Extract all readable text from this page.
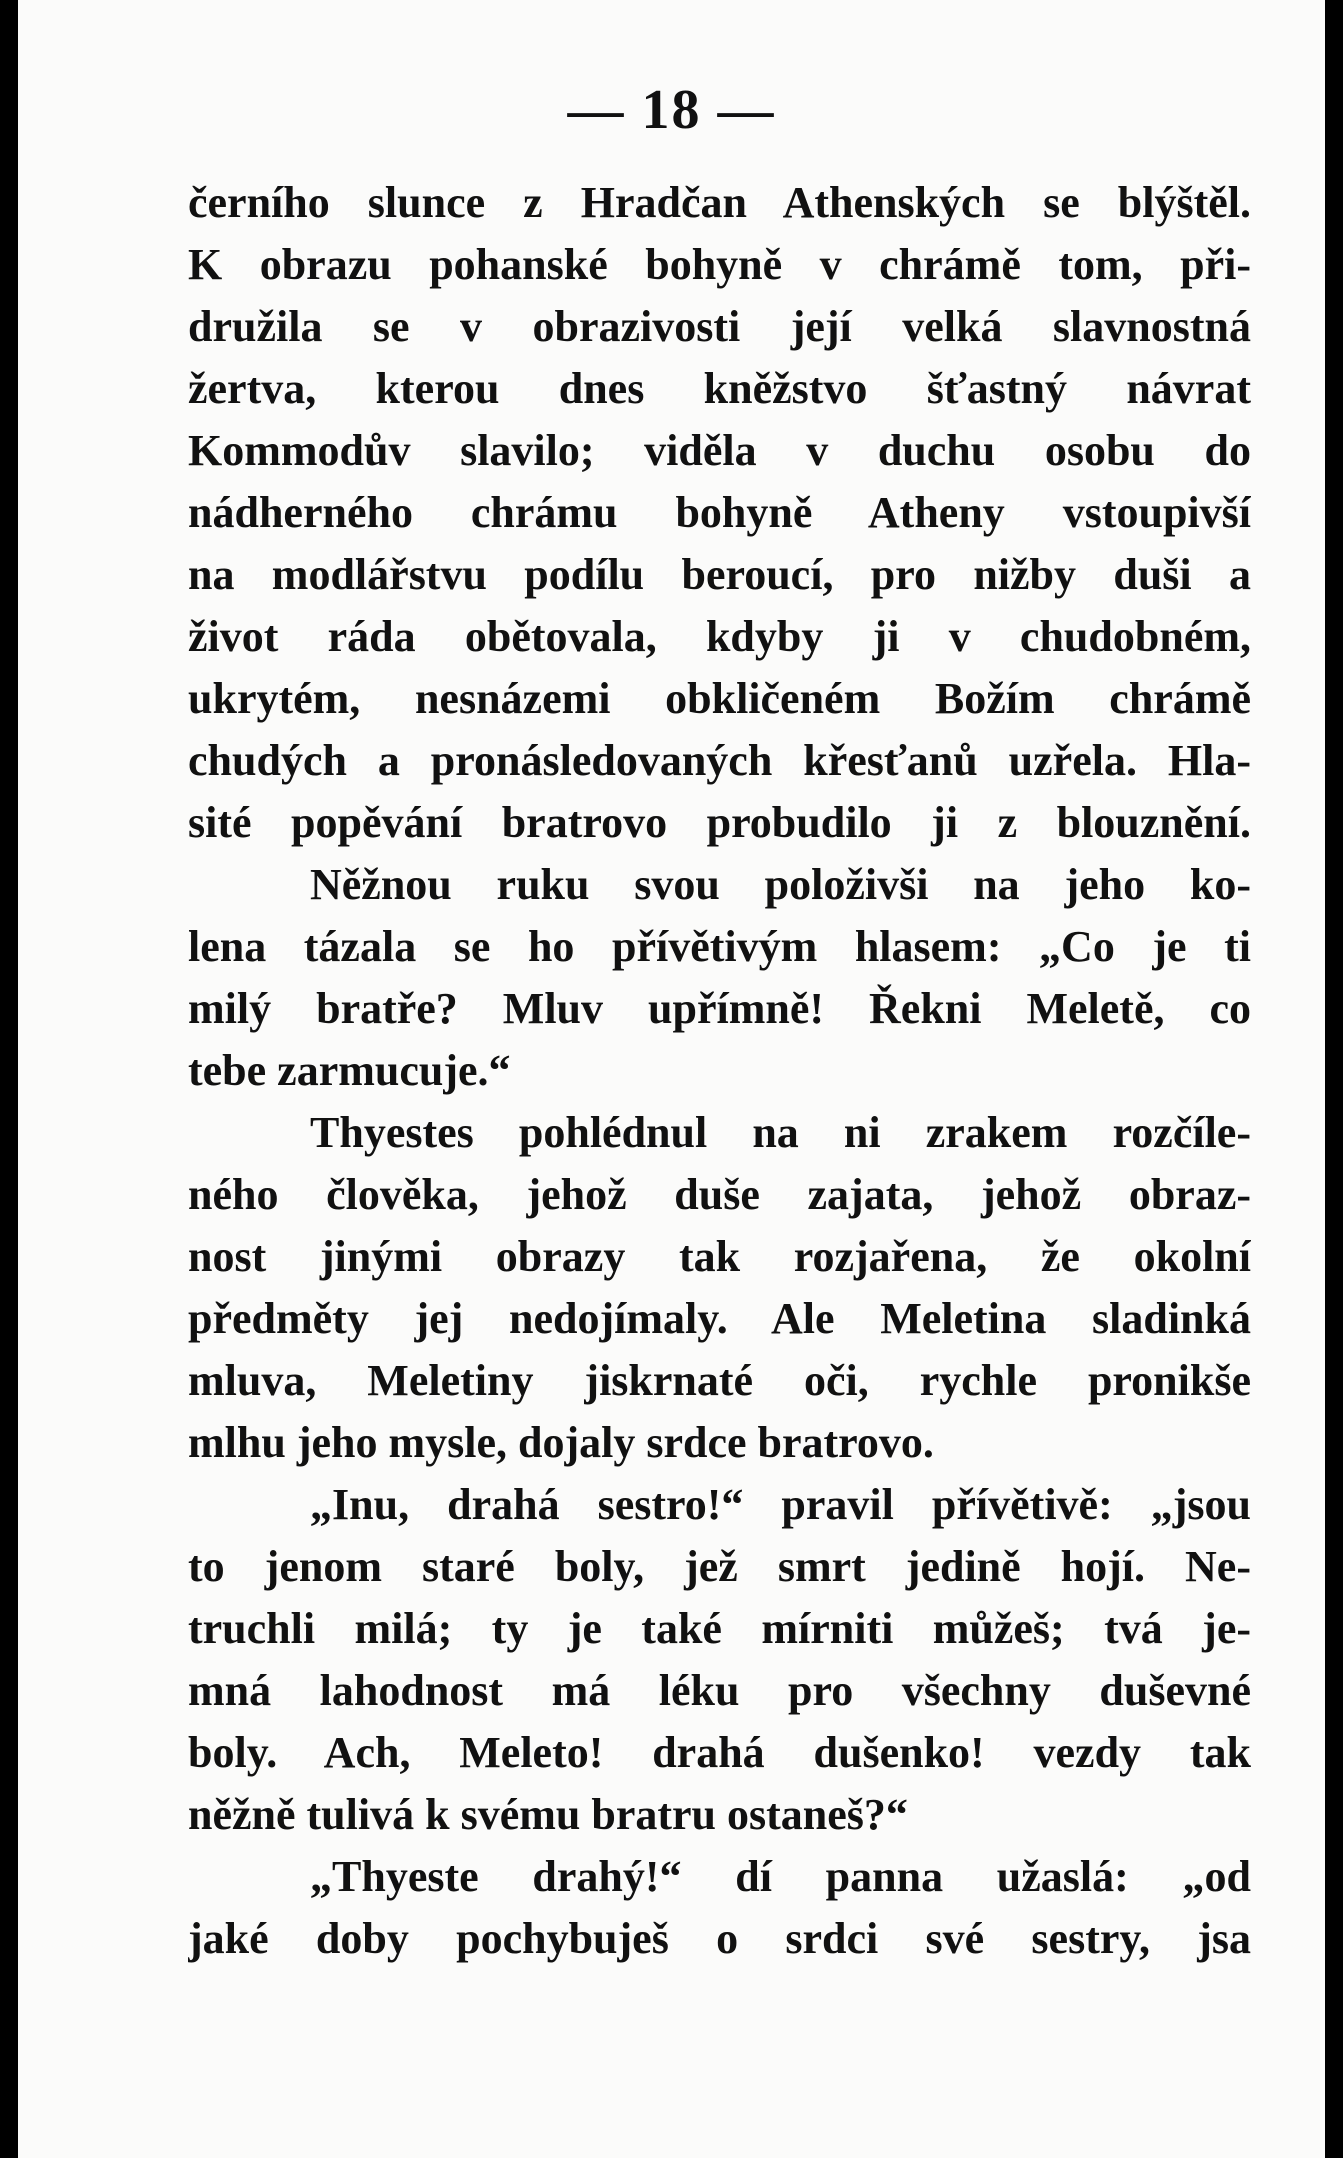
— 18 —
černího slunce z Hradčan Athenských se blýštěl.
K obrazu pohanské bohyně v chrámě tom, při-
družila se v obrazivosti její velká slavnostná
žertva, kterou dnes kněžstvo šťastný návrat
Kommodův slavilo; viděla v duchu osobu do
nádherného chrámu bohyně Atheny vstoupivší
na modlářstvu podílu beroucí, pro nižby duši a
život ráda obětovala, kdyby ji v chudobném,
ukrytém, nesnázemi obkličeném Božím chrámě
chudých a pronásledovaných křesťanů uzřela. Hla-
sité popěvání bratrovo probudilo ji z blouznění.
Něžnou ruku svou položivši na jeho ko-
lena tázala se ho přívětivým hlasem: „Co je ti
milý bratře? Mluv upřímně! Řekni Meletě, co
tebe zarmucuje.“
Thyestes pohlédnul na ni zrakem rozčíle-
ného člověka, jehož duše zajata, jehož obraz-
nost jinými obrazy tak rozjařena, že okolní
předměty jej nedojímaly. Ale Meletina sladinká
mluva, Meletiny jiskrnaté oči, rychle pronikše
mlhu jeho mysle, dojaly srdce bratrovo.
„Inu, drahá sestro!“ pravil přívětivě: „jsou
to jenom staré boly, jež smrt jedině hojí. Ne-
truchli milá; ty je také mírniti můžeš; tvá je-
mná lahodnost má léku pro všechny duševné
boly. Ach, Meleto! drahá dušenko! vezdy tak
něžně tulivá k svému bratru ostaneš?“
„Thyeste drahý!“ dí panna užaslá: „od
jaké doby pochybuješ o srdci své sestry, jsa
